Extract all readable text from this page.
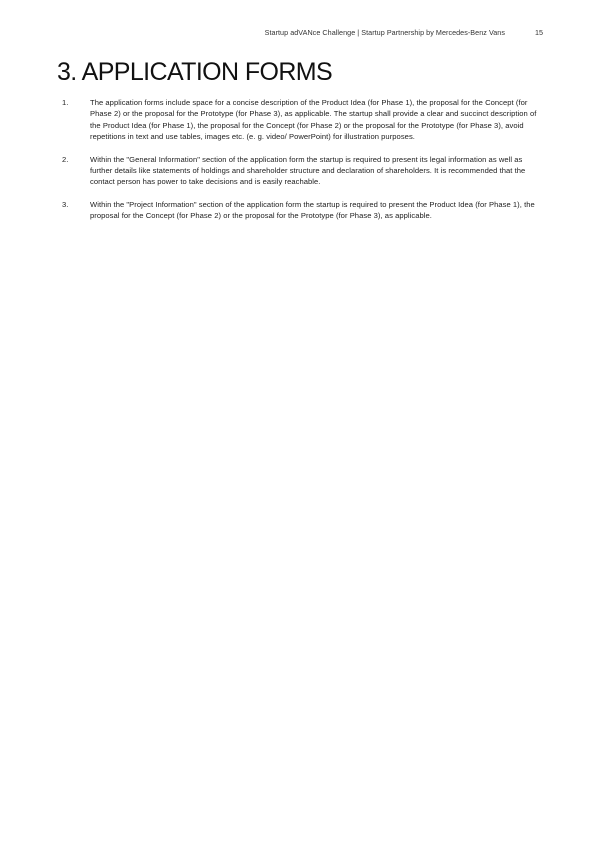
Startup adVANce Challenge | Startup Partnership by Mercedes-Benz Vans	15
3. APPLICATION FORMS
1.	The application forms include space for a concise description of the Product Idea (for Phase 1), the proposal for the Concept (for Phase 2) or the proposal for the Prototype (for Phase 3), as applicable. The startup shall provide a clear and succinct description of the Product Idea (for Phase 1), the proposal for the Concept (for Phase 2) or the proposal for the Prototype (for Phase 3), avoid repetitions in text and use tables, images etc. (e. g. video/ PowerPoint) for illustration purposes.
2.	Within the "General Information" section of the application form the startup is required to present its legal information as well as further details like statements of holdings and shareholder structure and declaration of shareholders. It is recommended that the contact person has power to take decisions and is easily reachable.
3.	Within the "Project Information" section of the application form the startup is required to present the Product Idea (for Phase 1), the proposal for the Concept (for Phase 2) or the proposal for the Prototype (for Phase 3), as applicable.
